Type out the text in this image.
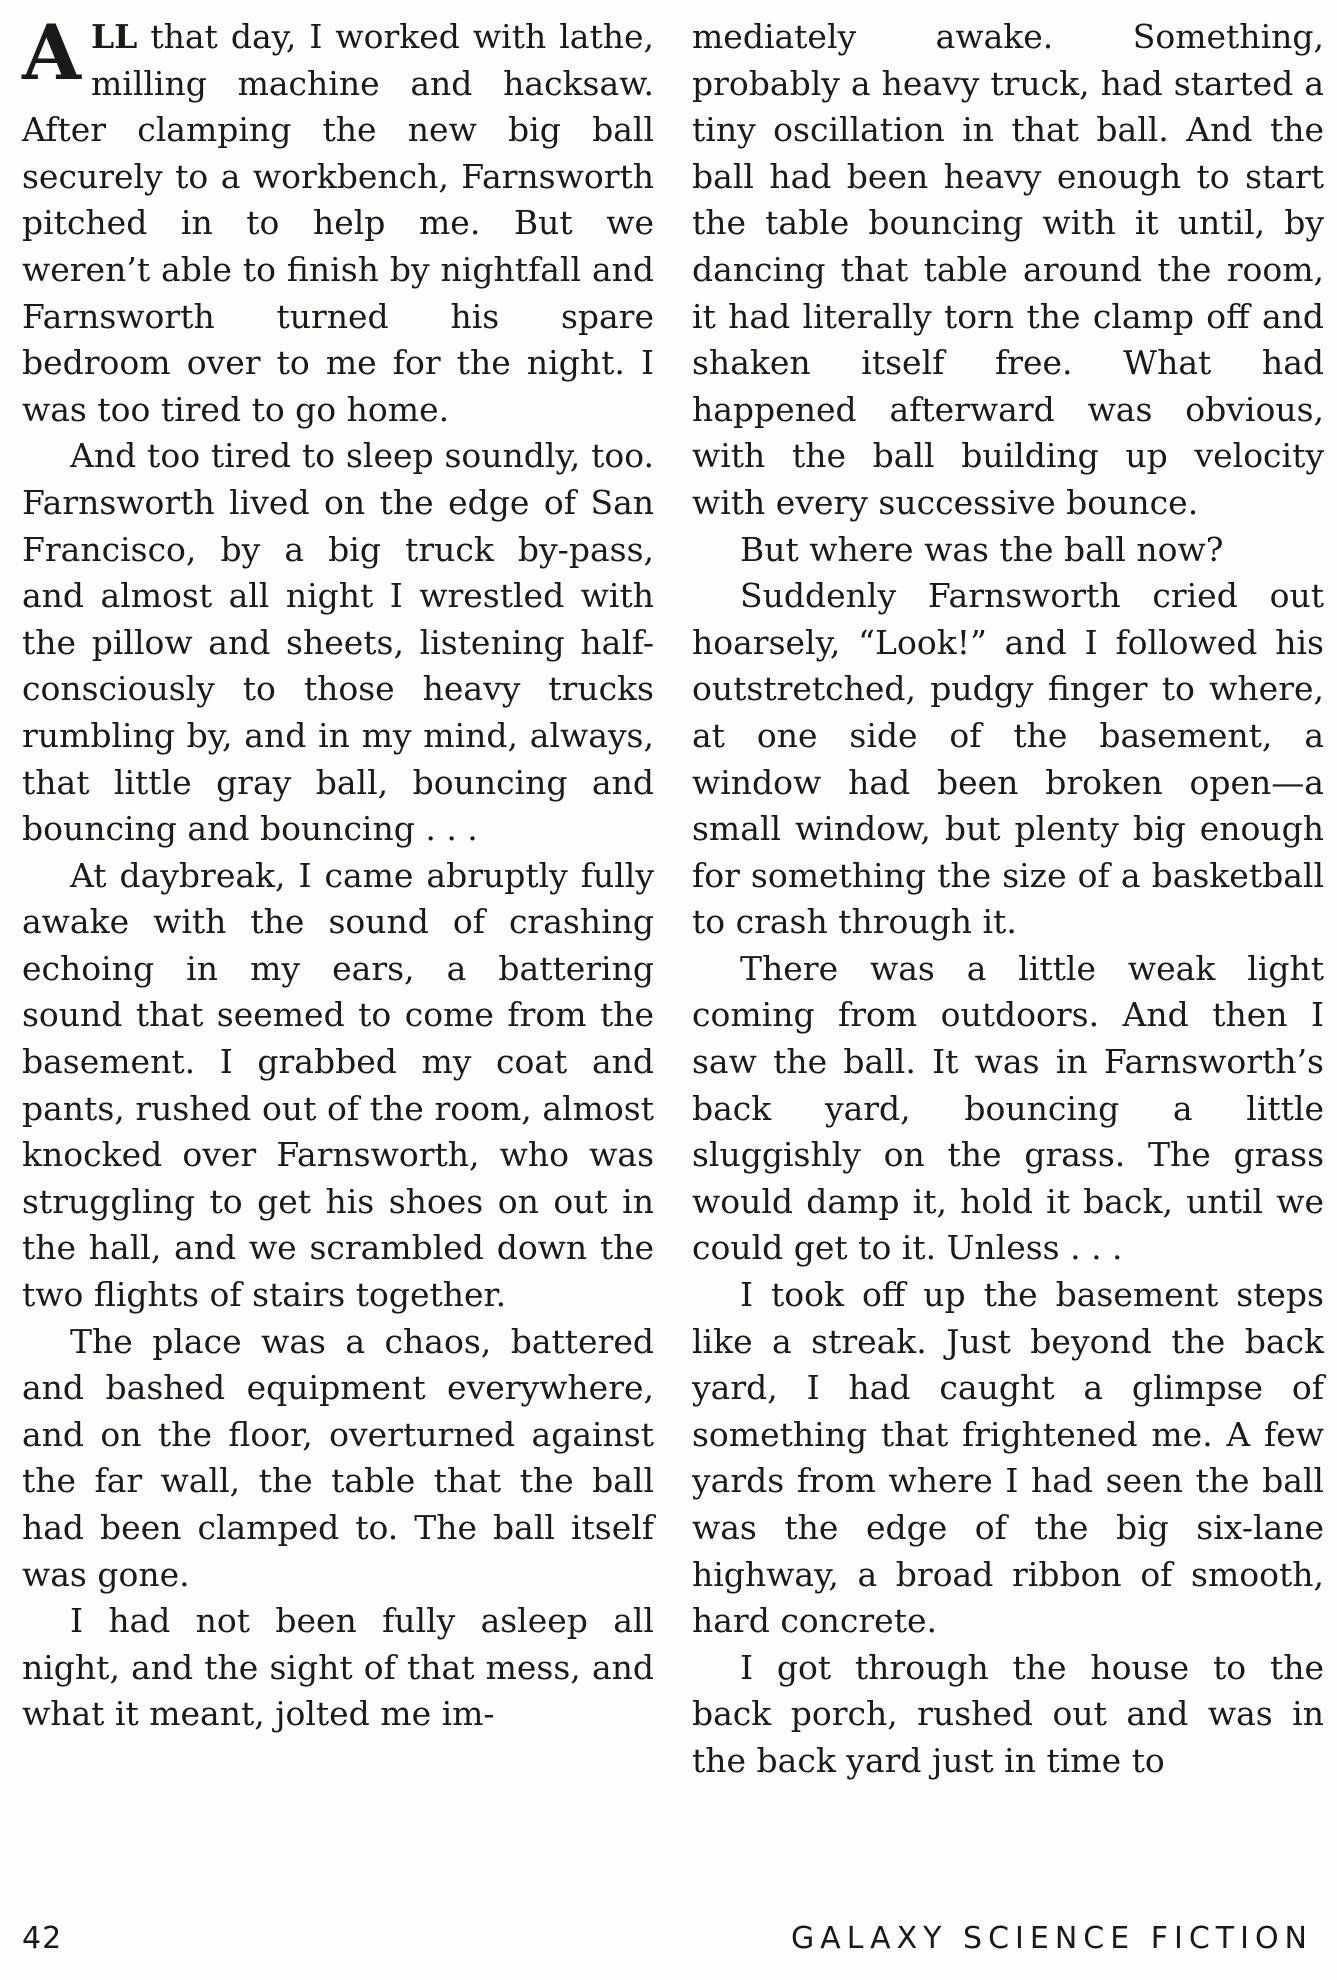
ALL that day, I worked with lathe, milling machine and hacksaw. After clamping the new big ball securely to a workbench, Farnsworth pitched in to help me. But we weren’t able to finish by nightfall and Farnsworth turned his spare bedroom over to me for the night. I was too tired to go home.

And too tired to sleep soundly, too. Farnsworth lived on the edge of San Francisco, by a big truck by-pass, and almost all night I wrestled with the pillow and sheets, listening half-consciously to those heavy trucks rumbling by, and in my mind, always, that little gray ball, bouncing and bouncing and bouncing . . .

At daybreak, I came abruptly fully awake with the sound of crashing echoing in my ears, a battering sound that seemed to come from the basement. I grabbed my coat and pants, rushed out of the room, almost knocked over Farnsworth, who was struggling to get his shoes on out in the hall, and we scrambled down the two flights of stairs together.

The place was a chaos, battered and bashed equipment everywhere, and on the floor, overturned against the far wall, the table that the ball had been clamped to. The ball itself was gone.

I had not been fully asleep all night, and the sight of that mess, and what it meant, jolted me im-

mediately awake. Something, probably a heavy truck, had started a tiny oscillation in that ball. And the ball had been heavy enough to start the table bouncing with it until, by dancing that table around the room, it had literally torn the clamp off and shaken itself free. What had happened afterward was obvious, with the ball building up velocity with every successive bounce.

But where was the ball now?

Suddenly Farnsworth cried out hoarsely, “Look!” and I followed his outstretched, pudgy finger to where, at one side of the basement, a window had been broken open—a small window, but plenty big enough for something the size of a basketball to crash through it.

There was a little weak light coming from outdoors. And then I saw the ball. It was in Farnsworth’s back yard, bouncing a little sluggishly on the grass. The grass would damp it, hold it back, until we could get to it. Unless . . .

I took off up the basement steps like a streak. Just beyond the back yard, I had caught a glimpse of something that frightened me. A few yards from where I had seen the ball was the edge of the big six-lane highway, a broad ribbon of smooth, hard concrete.

I got through the house to the back porch, rushed out and was in the back yard just in time to

42	GALAXY SCIENCE FICTION
